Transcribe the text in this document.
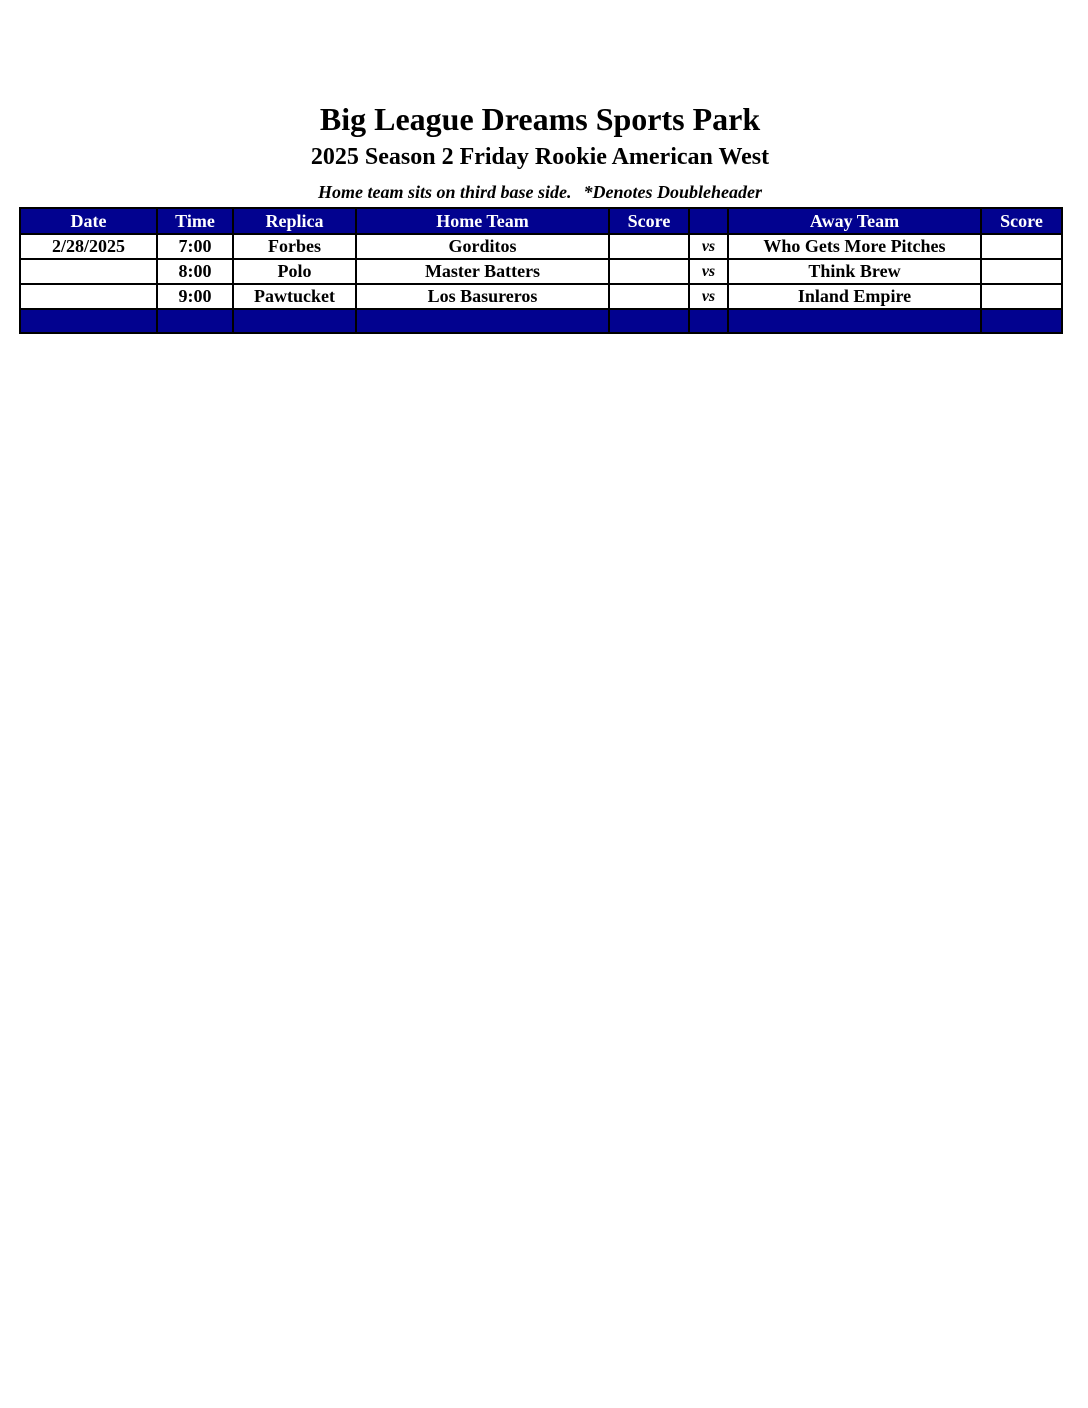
Big League Dreams Sports Park
2025 Season 2 Friday Rookie American West
Home team sits on third base side. *Denotes Doubleheader
Date	Time	Replica	Home Team	Score		Away Team	Score
2/28/2025	7:00	Forbes	Gorditos		vs	Who Gets More Pitches	
	8:00	Polo	Master Batters		vs	Think Brew	
	9:00	Pawtucket	Los Basureros		vs	Inland Empire	
